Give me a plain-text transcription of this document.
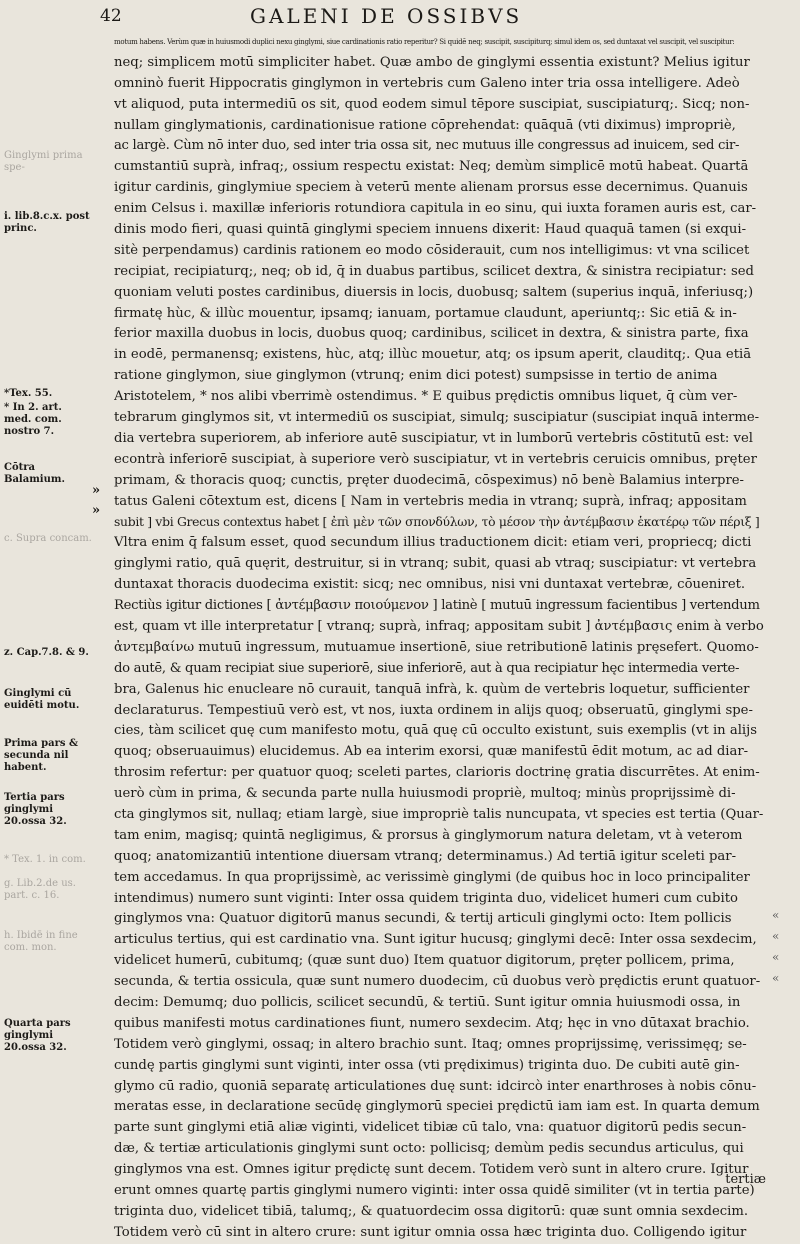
42	GALENI DE OSSIBVS
Ginglymi prima spe-
i. lib.8.c.x. post princ.
*Tex. 55.
* In 2. art. med. com. nostro 7.
Cōtra Balamium.
c. Supra concam.
z. Cap.7.8. & 9.
Ginglymi cū euidēti motu.
Prima pars & secunda nil habent.
Tertia pars ginglymi 20.ossa 32.
* Tex. 1. in com.
g. Lib.2.de us. part. c. 16.
h. Ibidē in fine com. mon.
Quarta pars ginglymi 20.ossa 32.
»
»
motum habens. Verùm quæ in huiusmodi duplici nexu ginglymi, siue cardinationis ratio reperitur? Si quidē neq; suscipit, suscipiturq; simul idem os, sed duntaxat vel suscipit, vel suscipitur:
neq; simplicem motū simpliciter habet. Quæ ambo de ginglymi essentia existunt? Melius igitur
omninò fuerit Hippocratis ginglymon in vertebris cum Galeno inter tria ossa intelligere. Adeò
vt aliquod, puta intermediū os sit, quod eodem simul tēpore suscipiat, suscipiaturq;. Sicq; non-
nullam ginglymationis, cardinationisue ratione cōprehendat: quāquā (vti diximus) impropriè,
ac largè. Cùm nō inter duo, sed inter tria ossa sit, nec mutuus ille congressus ad inuicem, sed cir-
cumstantiū suprà, infraq;, ossium respectu existat: Neq; demùm simplicē motū habeat. Quartā
igitur cardinis, ginglymiue speciem à veterū mente alienam prorsus esse decernimus. Quanuis
enim Celsus i. maxillæ inferioris rotundiora capitula in eo sinu, qui iuxta foramen auris est, car-
dinis modo fieri, quasi quintā ginglymi speciem innuens dixerit: Haud quaquā tamen (si exqui-
sitè perpendamus) cardinis rationem eo modo cōsiderauit, cum nos intelligimus: vt vna scilicet
recipiat, recipiaturq;, neq; ob id, q̄ in duabus partibus, scilicet dextra, & sinistra recipiatur: sed
quoniam veluti postes cardinibus, diuersis in locis, duobusq; saltem (superius inquā, inferiusq;)
firmatę hùc, & illùc mouentur, ipsamq; ianuam, portamue claudunt, aperiuntq;: Sic etiā & in-
ferior maxilla duobus in locis, duobus quoq; cardinibus, scilicet in dextra, & sinistra parte, fixa
in eodē, permanensq; existens, hùc, atq; illùc mouetur, atq; os ipsum aperit, clauditq;. Qua etiā
ratione ginglymon, siue ginglymon (vtrunq; enim dici potest) sumpsisse in tertio de anima
Aristotelem, * nos alibi vberrimè ostendimus. * E quibus prędictis omnibus liquet, q̄ cùm ver-
tebrarum ginglymos sit, vt intermediū os suscipiat, simulq; suscipiatur (suscipiat inquā interme-
dia vertebra superiorem, ab inferiore autē suscipiatur, vt in lumborū vertebris cōstitutū est: vel
econtrà inferiorē suscipiat, à superiore verò suscipiatur, vt in vertebris ceruicis omnibus, pręter
primam, & thoracis quoq; cunctis, pręter duodecimā, cōspeximus) nō benè Balamius interpre-
tatus Galeni cōtextum est, dicens [ Nam in vertebris media in vtranq; suprà, infraq; appositam
subit ] vbi Grecus contextus habet [ ἐπὶ μὲν τῶν σπονδύλων, τὸ μέσον τὴν ἀντέμβασιν ἑκατέρῳ τῶν πέριξ ]
Vltra enim q̄ falsum esset, quod secundum illius traductionem dicit: etiam veri, propriecq; dicti
ginglymi ratio, quā quęrit, destruitur, si in vtranq; subit, quasi ab vtraq; suscipiatur: vt vertebra
duntaxat thoracis duodecima existit: sicq; nec omnibus, nisi vni duntaxat vertebræ, cōueniret.
Rectiùs igitur dictiones [ ἀντέμβασιν ποιούμενον ] latinè [ mutuū ingressum facientibus ] vertendum
est, quam vt ille interpretatur [ vtranq; suprà, infraq; appositam subit ] ἀντέμβασις enim à verbo
ἀντεμβαίνω mutuū ingressum, mutuamue insertionē, siue retributionē latinis pręsefert. Quomo-
do autē, & quam recipiat siue superiorē, siue inferiorē, aut à qua recipiatur hęc intermedia verte-
bra, Galenus hic enucleare nō curauit, tanquā infrà, k. quùm de vertebris loquetur, sufficienter
declaraturus. Tempestiuū verò est, vt nos, iuxta ordinem in alijs quoq; obseruatū, ginglymi spe-
cies, tàm scilicet quę cum manifesto motu, quā quę cū occulto existunt, suis exemplis (vt in alijs
quoq; obseruauimus) elucidemus. Ab ea interim exorsi, quæ manifestū ēdit motum, ac ad diar-
throsim refertur: per quatuor quoq; sceleti partes, clarioris doctrinę gratia discurrētes. At enim-
uerò cùm in prima, & secunda parte nulla huiusmodi propriè, multoq; minùs proprijssimè di-
cta ginglymos sit, nullaq; etiam largè, siue impropriè talis nuncupata, vt species est tertia (Quar-
tam enim, magisq; quintā negligimus, & prorsus à ginglymorum natura deletam, vt à veterom
quoq; anatomizantiū intentione diuersam vtranq; determinamus.) Ad tertiā igitur sceleti par-
tem accedamus. In qua proprijssimè, ac verissimè ginglymi (de quibus hoc in loco principaliter
intendimus) numero sunt viginti: Inter ossa quidem triginta duo, videlicet humeri cum cubito
ginglymos vna: Quatuor digitorū manus secundi, & tertij articuli ginglymi octo: Item pollicis
articulus tertius, qui est cardinatio vna. Sunt igitur hucusq; ginglymi decē: Inter ossa sexdecim,
videlicet humerū, cubitumq; (quæ sunt duo) Item quatuor digitorum, pręter pollicem, prima,
secunda, & tertia ossicula, quæ sunt numero duodecim, cū duobus verò prędictis erunt quatuor-
decim: Demumq; duo pollicis, scilicet secundū, & tertiū. Sunt igitur omnia huiusmodi ossa, in
quibus manifesti motus cardinationes fiunt, numero sexdecim. Atq; hęc in vno dūtaxat brachio.
Totidem verò ginglymi, ossaq; in altero brachio sunt. Itaq; omnes proprijssimę, verissimęq; se-
cundę partis ginglymi sunt viginti, inter ossa (vti prędiximus) triginta duo. De cubiti autē gin-
glymo cū radio, quoniā separatę articulationes duę sunt: idcircò inter enarthroses à nobis cōnu-
meratas esse, in declaratione secūdę ginglymorū speciei prędictū iam iam est. In quarta demum
parte sunt ginglymi etiā aliæ viginti, videlicet tibiæ cū talo, vna: quatuor digitorū pedis secun-
dæ, & tertiæ articulationis ginglymi sunt octo: pollicisq; demùm pedis secundus articulus, qui
ginglymos vna est. Omnes igitur prędictę sunt decem. Totidem verò sunt in altero crure. Igitur
erunt omnes quartę partis ginglymi numero viginti: inter ossa quidē similiter (vt in tertia parte)
triginta duo, videlicet tibiā, talumq;, & quatuordecim ossa digitorū: quæ sunt omnia sexdecim.
Totidem verò cū sint in altero crure: sunt igitur omnia ossa hæc triginta duo. Colligendo igitur
«
«
«
«
tertiæ
